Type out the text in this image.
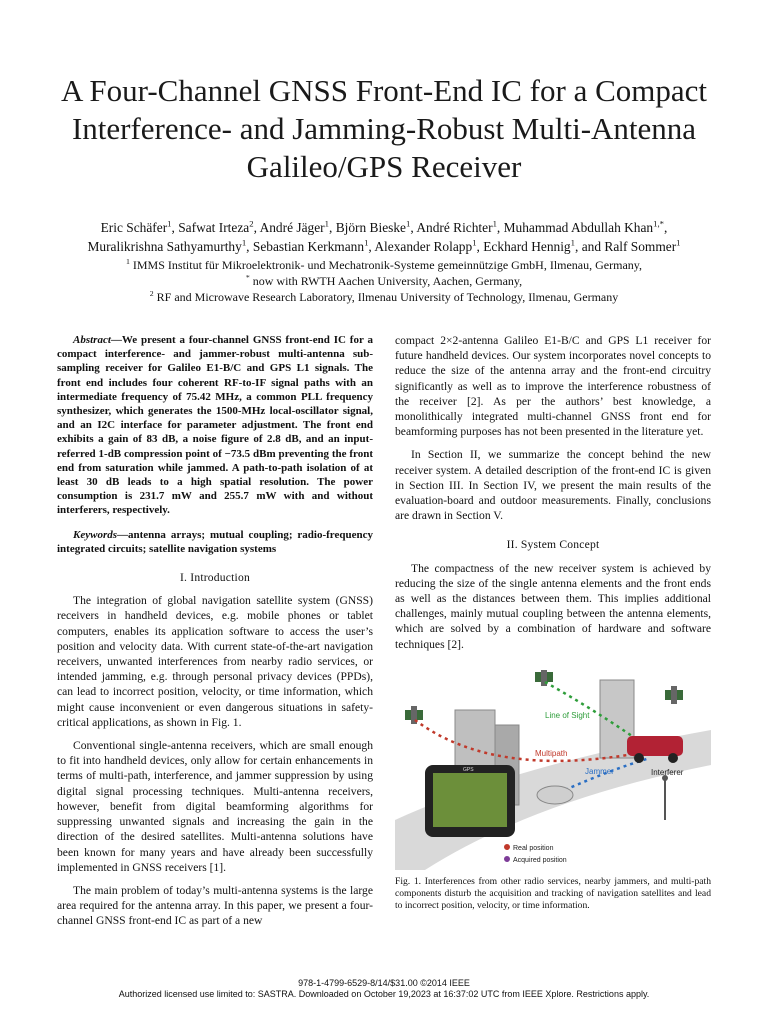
A Four-Channel GNSS Front-End IC for a Compact Interference- and Jamming-Robust Multi-Antenna Galileo/GPS Receiver
Eric Schäfer$^1$, Safwat Irteza$^2$, André Jäger$^1$, Björn Bieske$^1$, André Richter$^1$, Muhammad Abdullah Khan$^{1,*}$,
Muralikrishna Sathyamurthy$^1$, Sebastian Kerkmann$^1$, Alexander Rolapp$^1$, Eckhard Hennig$^1$, and Ralf Sommer$^1$
$^1$ IMMS Institut für Mikroelektronik- und Mechatronik-Systeme gemeinnützige GmbH, Ilmenau, Germany,
* now with RWTH Aachen University, Aachen, Germany,
$^2$ RF and Microwave Research Laboratory, Ilmenau University of Technology, Ilmenau, Germany

Abstract—We present a four-channel GNSS front-end IC for a compact interference- and jammer-robust multi-antenna sub-sampling receiver for Galileo E1-B/C and GPS L1 signals. The front end includes four coherent RF-to-IF signal paths with an intermediate frequency of 75.42 MHz, a common PLL frequency synthesizer, which generates the 1500-MHz local-oscillator signal, and an I2C interface for parameter adjustment. The front end exhibits a gain of 83 dB, a noise figure of 2.8 dB, and an input-referred 1-dB compression point of −73.5 dBm preventing the front end from saturation while jammed. A path-to-path isolation of at least 30 dB leads to a high spatial resolution. The power consumption is 231.7 mW and 255.7 mW with and without interferers, respectively.

Keywords—antenna arrays; mutual coupling; radio-frequency integrated circuits; satellite navigation systems

I. Introduction

The integration of global navigation satellite system (GNSS) receivers in handheld devices, e.g. mobile phones or tablet computers, enables its application software to access the user’s position and velocity data. With current state-of-the-art navigation receivers, unwanted interferences from nearby radio services, or intended jamming, e.g. through personal privacy devices (PPDs), can lead to incorrect position, velocity, or time information, which might cause inconvenient or even dangerous situations in safety-critical applications, as shown in Fig. 1.

Conventional single-antenna receivers, which are small enough to fit into handheld devices, only allow for certain enhancements in terms of multi-path, interference, and jammer suppression by using digital signal processing techniques. Multi-antenna receivers, however, benefit from digital beamforming algorithms for suppressing unwanted signals and increasing the gain in the direction of the desired satellites. Multi-antenna solutions have been known for many years and have already been successfully implemented in GNSS receivers [1].

The main problem of today’s multi-antenna systems is the large area required for the antenna array. In this paper, we present a four-channel GNSS front-end IC as part of a new

compact 2×2-antenna Galileo E1-B/C and GPS L1 receiver for future handheld devices. Our system incorporates novel concepts to reduce the size of the antenna array and the front-end circuitry significantly as well as to improve the interference robustness of the receiver [2]. As per the authors’ best knowledge, a monolithically integrated multi-channel GNSS front end for beamforming purposes has not been presented in the literature yet.

In Section II, we summarize the concept behind the new receiver system. A detailed description of the front-end IC is given in Section III. In Section IV, we present the main results of the evaluation-board and outdoor measurements. Finally, conclusions are drawn in Section V.

II. System Concept

The compactness of the new receiver system is achieved by reducing the size of the single antenna elements and the front ends as well as the distances between them. This implies additional challenges, mainly mutual coupling between the antenna elements, which are solved by a combination of hardware and software techniques [2].

Line of Sight
Multipath
Jammer	Interferer
GPS
Real position
Acquired position
Fig. 1. Interferences from other radio services, nearby jammers, and multi-path components disturb the acquisition and tracking of navigation satellites and lead to incorrect position, velocity, or time information.
978-1-4799-6529-8/14/$31.00 ©2014 IEEE
Authorized licensed use limited to: SASTRA. Downloaded on October 19,2023 at 16:37:02 UTC from IEEE Xplore. Restrictions apply.
